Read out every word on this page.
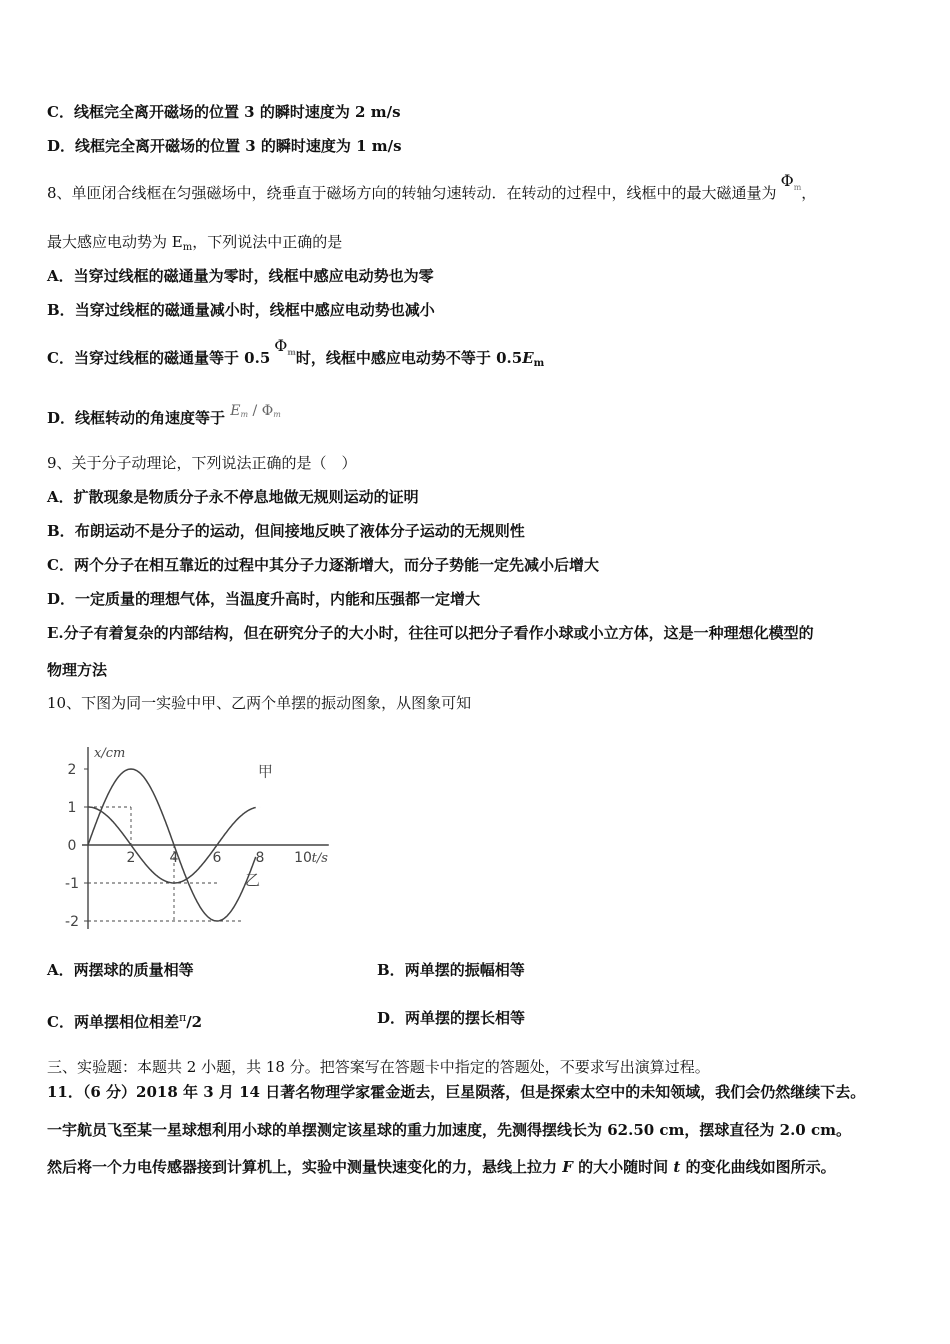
C．线框完全离开磁场的位置 3 的瞬时速度为 2 m/s
D．线框完全离开磁场的位置 3 的瞬时速度为 1 m/s
8、单匝闭合线框在匀强磁场中，绕垂直于磁场方向的转轴匀速转动．在转动的过程中，线框中的最大磁通量为$\Phi^m$，
最大感应电动势为 $E_m$，下列说法中正确的是
A．当穿过线框的磁通量为零时，线框中感应电动势也为零
B．当穿过线框的磁通量减小时，线框中感应电动势也减小
C．当穿过线框的磁通量等于 $0.5\Phi^m$时，线框中感应电动势不等于 $0.5E_m$
D．线框转动的角速度等于 Em / Φm
9、关于分子动理论，下列说法正确的是（　）
A．扩散现象是物质分子永不停息地做无规则运动的证明
B．布朗运动不是分子的运动，但间接地反映了液体分子运动的无规则性
C．两个分子在相互靠近的过程中其分子力逐渐增大，而分子势能一定先减小后增大
D．一定质量的理想气体，当温度升高时，内能和压强都一定增大
E.分子有着复杂的内部结构，但在研究分子的大小时，往往可以把分子看作小球或小立方体，这是一种理想化模型的
物理方法
10、下图为同一实验中甲、乙两个单摆的振动图象，从图象可知
x/cm
t/s
2
1
0
-1
-2
2 4 6 8 10
甲
乙
A．两摆球的质量相等	B．两单摆的振幅相等
C．两单摆相位相差$^\pi$/2	D．两单摆的摆长相等
三、实验题：本题共 2 小题，共 18 分。把答案写在答题卡中指定的答题处，不要求写出演算过程。
11．（6 分）2018 年 3 月 14 日著名物理学家霍金逝去，巨星陨落，但是探索太空中的未知领域，我们会仍然继续下去。
一宇航员飞至某一星球想利用小球的单摆测定该星球的重力加速度，先测得摆线长为 62.50 cm，摆球直径为 2.0 cm。
然后将一个力电传感器接到计算机上，实验中测量快速变化的力，悬线上拉力 F 的大小随时间 t 的变化曲线如图所示。
